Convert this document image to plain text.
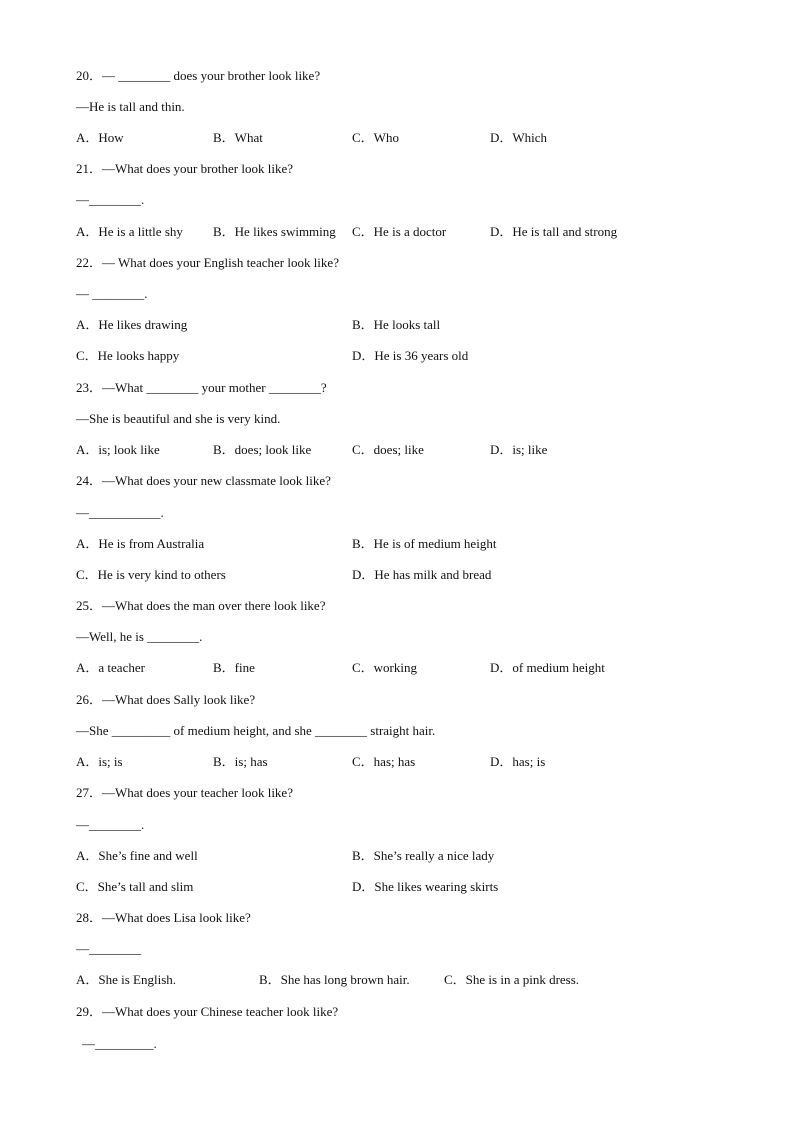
20．— ________ does your brother look like?
—He is tall and thin.
A．How	B．What	C．Who	D．Which
21．—What does your brother look like?
—________.
A．He is a little shy B．He likes swimming C．He is a doctor	D．He is tall and strong
22．— What does your English teacher look like?
— ________.
A．He likes drawing	B．He looks tall
C．He looks happy	D．He is 36 years old
23．—What ________ your mother ________?
—She is beautiful and she is very kind.
A．is; look like	B．does; look like	C．does; like	D．is; like
24．—What does your new classmate look like?
—___________.
A．He is from Australia	B．He is of medium height
C．He is very kind to others	D．He has milk and bread
25．—What does the man over there look like?
—Well, he is ________.
A．a teacher	B．fine	C．working	D．of medium height
26．—What does Sally look like?
—She _________ of medium height, and she ________ straight hair.
A．is; is	B．is; has	C．has; has	D．has; is
27．—What does your teacher look like?
—________.
A．She’s fine and well	B．She’s really a nice lady
C．She’s tall and slim	D．She likes wearing skirts
28．—What does Lisa look like?
—________
A．She is English.	B．She has long brown hair.	C．She is in a pink dress.
29．—What does your Chinese teacher look like?
—_________.
